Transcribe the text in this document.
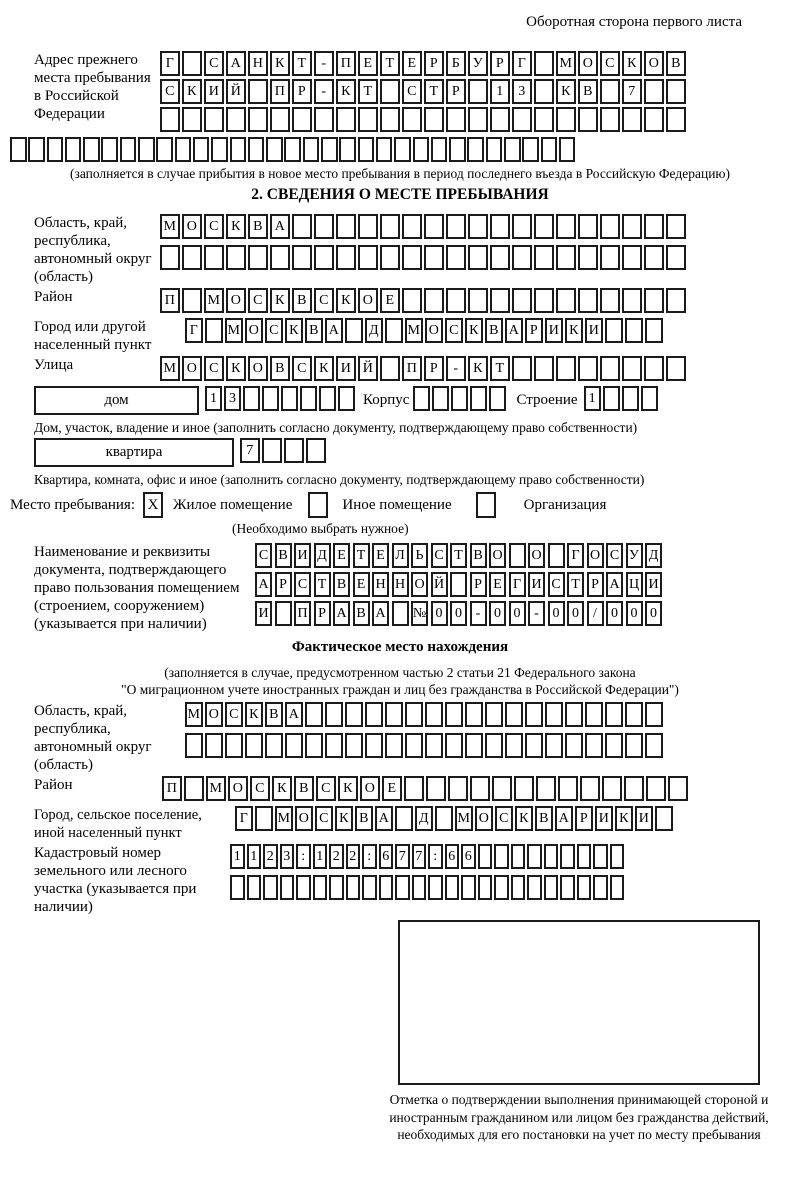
Оборотная сторона первого листа
Адрес прежнего места пребывания в Российской Федерации
Г	С А Н К Т	-	П Е Т Е Р	Б У Р	Г	М О С К О В
С К И Й	П Р	-	К Т	С Т Р	1	3	К В	7
(заполняется в случае прибытия в новое место пребывания в период последнего въезда в Российскую Федерацию)
2. СВЕДЕНИЯ О МЕСТЕ ПРЕБЫВАНИЯ
Область, край, республика, автономный округ (область)
М О С К В А
Район	П	М О С К В С К О Е
Город или другой населенный пункт
Г	М О С К В А Д М О С К В А Р И К И
Улица	М О С К О В С К И Й	П Р	-	К Т
дом	1 3	Корпус	Строение 1
Дом, участок, владение и иное (заполнить согласно документу, подтверждающему право собственности)
квартира	7
Квартира, комната, офис и иное (заполнить согласно документу, подтверждающему право собственности)
Место пребывания: X Жилое помещение	Иное помещение	Организация
(Необходимо выбрать нужное)
Наименование и реквизиты документа, подтверждающего право пользования помещением (строением, сооружением) (указывается при наличии)
С В И Д Е Т Е Л Ь С Т В О О	Г О С У Д
А Р С Т В Е Н Н О Й	Р Е Г И С Т Р А Ц И
И П Р А В А № 0 0 - 0 0 - 0 0	/	0 0 0
Фактическое место нахождения
(заполняется в случае, предусмотренном частью 2 статьи 21 Федерального закона
"О миграционном учете иностранных граждан и лиц без гражданства в Российской Федерации")
Область, край, республика, автономный округ (область)
М О С К В А
Район	П	М О С К В С К О Е
Город, сельское поселение, иной населенный пункт
Г	М О С К В А Д М О С К В А Р И К И
Кадастровый номер земельного или лесного участка (указывается при наличии)
1 1 2 3 : 1 2 2 : 6 7 7 : 6 6
Отметка о подтверждении выполнения принимающей стороной и иностранным гражданином или лицом без гражданства действий, необходимых для его постановки на учет по месту пребывания
